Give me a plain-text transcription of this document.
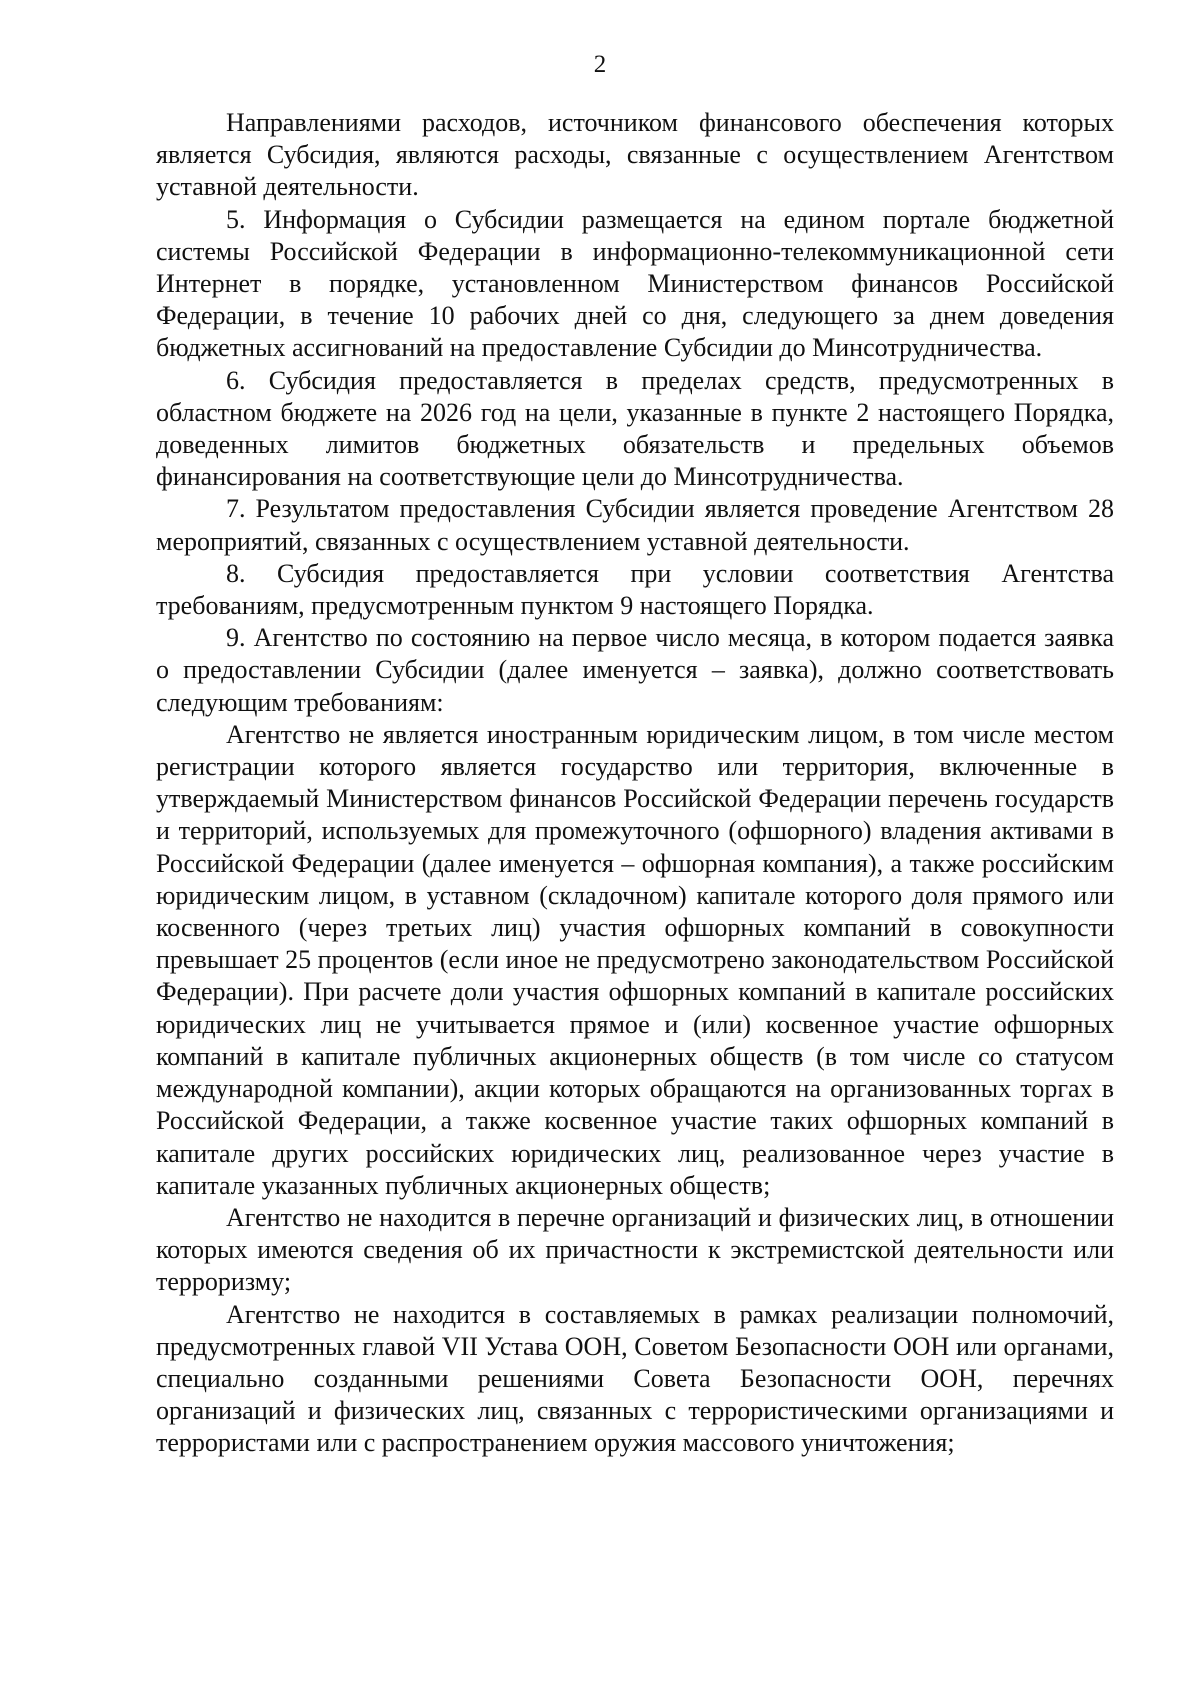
2

Направлениями расходов, источником финансового обеспечения которых является Субсидия, являются расходы, связанные с осуществлением Агентством уставной деятельности.

5. Информация о Субсидии размещается на едином портале бюджетной системы Российской Федерации в информационно-телекоммуникационной сети Интернет в порядке, установленном Министерством финансов Российской Федерации, в течение 10 рабочих дней со дня, следующего за днем доведения бюджетных ассигнований на предоставление Субсидии до Минсотрудничества.

6. Субсидия предоставляется в пределах средств, предусмотренных в областном бюджете на 2026 год на цели, указанные в пункте 2 настоящего Порядка, доведенных лимитов бюджетных обязательств и предельных объемов финансирования на соответствующие цели до Минсотрудничества.

7. Результатом предоставления Субсидии является проведение Агентством 28 мероприятий, связанных с осуществлением уставной деятельности.

8. Субсидия предоставляется при условии соответствия Агентства требованиям, предусмотренным пунктом 9 настоящего Порядка.

9. Агентство по состоянию на первое число месяца, в котором подается заявка о предоставлении Субсидии (далее именуется – заявка), должно соответствовать следующим требованиям:

Агентство не является иностранным юридическим лицом, в том числе местом регистрации которого является государство или территория, включенные в утверждаемый Министерством финансов Российской Федерации перечень государств и территорий, используемых для промежуточного (офшорного) владения активами в Российской Федерации (далее именуется – офшорная компания), а также российским юридическим лицом, в уставном (складочном) капитале которого доля прямого или косвенного (через третьих лиц) участия офшорных компаний в совокупности превышает 25 процентов (если иное не предусмотрено законодательством Российской Федерации). При расчете доли участия офшорных компаний в капитале российских юридических лиц не учитывается прямое и (или) косвенное участие офшорных компаний в капитале публичных акционерных обществ (в том числе со статусом международной компании), акции которых обращаются на организованных торгах в Российской Федерации, а также косвенное участие таких офшорных компаний в капитале других российских юридических лиц, реализованное через участие в капитале указанных публичных акционерных обществ;

Агентство не находится в перечне организаций и физических лиц, в отношении которых имеются сведения об их причастности к экстремистской деятельности или терроризму;

Агентство не находится в составляемых в рамках реализации полномочий, предусмотренных главой VII Устава ООН, Советом Безопасности ООН или органами, специально созданными решениями Совета Безопасности ООН, перечнях организаций и физических лиц, связанных с террористическими организациями и террористами или с распространением оружия массового уничтожения;
